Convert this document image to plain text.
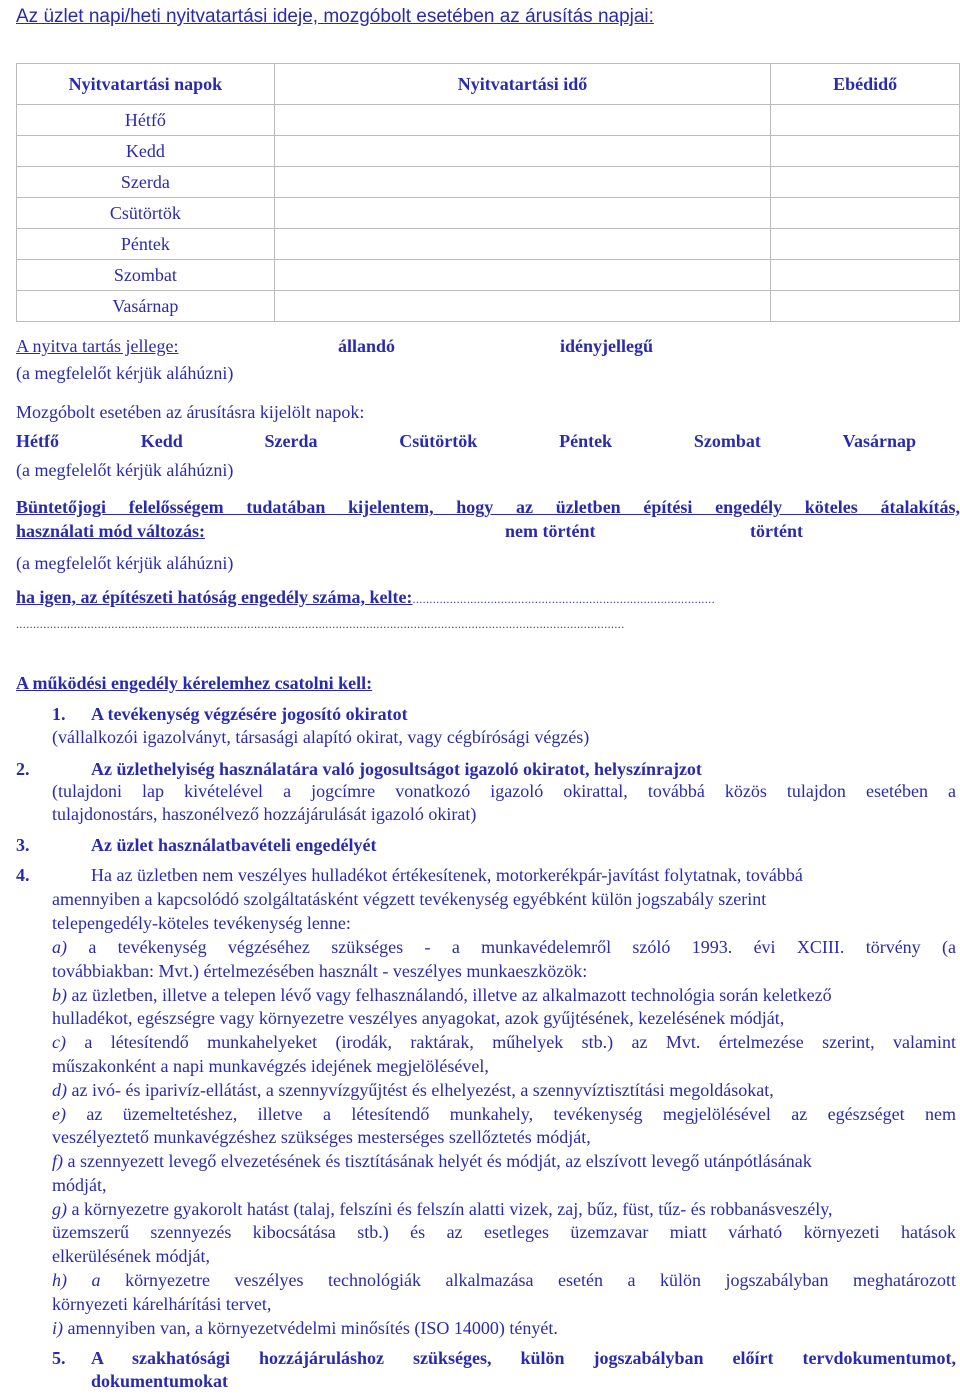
Az üzlet napi/heti nyitvatartási ideje, mozgóbolt esetében az árusítás napjai:
Nyitvatartási napok	Nyitvatartási idő	Ebédidő
Hétfő		
Kedd		
Szerda		
Csütörtök		
Péntek		
Szombat		
Vasárnap		
A nyitva tartás jellege:	állandó	idényjellegű
(a megfelelőt kérjük aláhúzni)
Mozgóbolt esetében az árusításra kijelölt napok:
Hétfő	Kedd	Szerda	Csütörtök	Péntek	Szombat	Vasárnap
(a megfelelőt kérjük aláhúzni)
Büntetőjogi felelősségem tudatában kijelentem, hogy az üzletben építési engedély köteles átalakítás,
használati mód változás:	nem történt	történt
(a megfelelőt kérjük aláhúzni)
ha igen, az építészeti hatóság engedély száma, kelte:.........................................................................................
...................................................................................................................................................................................
A működési engedély kérelemhez csatolni kell:
1. A tevékenység végzésére jogosító okiratot
(vállalkozói igazolványt, társasági alapító okirat, vagy cégbírósági végzés)
2.	Az üzlethelyiség használatára való jogosultságot igazoló okiratot, helyszínrajzot
(tulajdoni lap kivételével a jogcímre vonatkozó igazoló okirattal, továbbá közös tulajdon esetében a
tulajdonostárs, haszonélvező hozzájárulását igazoló okirat)
3.	Az üzlet használatbavételi engedélyét
4.	Ha az üzletben nem veszélyes hulladékot értékesítenek, motorkerékpár-javítást folytatnak, továbbá
amennyiben a kapcsolódó szolgáltatásként végzett tevékenység egyébként külön jogszabály szerint
telepengedély-köteles tevékenység lenne:
a) a tevékenység végzéséhez szükséges - a munkavédelemről szóló 1993. évi XCIII. törvény (a
továbbiakban: Mvt.) értelmezésében használt - veszélyes munkaeszközök:
b) az üzletben, illetve a telepen lévő vagy felhasználandó, illetve az alkalmazott technológia során keletkező
hulladékot, egészségre vagy környezetre veszélyes anyagokat, azok gyűjtésének, kezelésének módját,
c) a létesítendő munkahelyeket (irodák, raktárak, műhelyek stb.) az Mvt. értelmezése szerint, valamint
műszakonként a napi munkavégzés idejének megjelölésével,
d) az ivó- és iparivíz-ellátást, a szennyvízgyűjtést és elhelyezést, a szennyvíztisztítási megoldásokat,
e) az üzemeltetéshez, illetve a létesítendő munkahely, tevékenység megjelölésével az egészséget nem
veszélyeztető munkavégzéshez szükséges mesterséges szellőztetés módját,
f) a szennyezett levegő elvezetésének és tisztításának helyét és módját, az elszívott levegő utánpótlásának
módját,
g) a környezetre gyakorolt hatást (talaj, felszíni és felszín alatti vizek, zaj, bűz, füst, tűz- és robbanásveszély,
üzemszerű szennyezés kibocsátása stb.) és az esetleges üzemzavar miatt várható környezeti hatások
elkerülésének módját,
h) a környezetre veszélyes technológiák alkalmazása esetén a külön jogszabályban meghatározott
környezeti kárelhárítási tervet,
i) amennyiben van, a környezetvédelmi minősítés (ISO 14000) tényét.
5. A szakhatósági hozzájáruláshoz szükséges, külön jogszabályban előírt tervdokumentumot,
dokumentumokat
